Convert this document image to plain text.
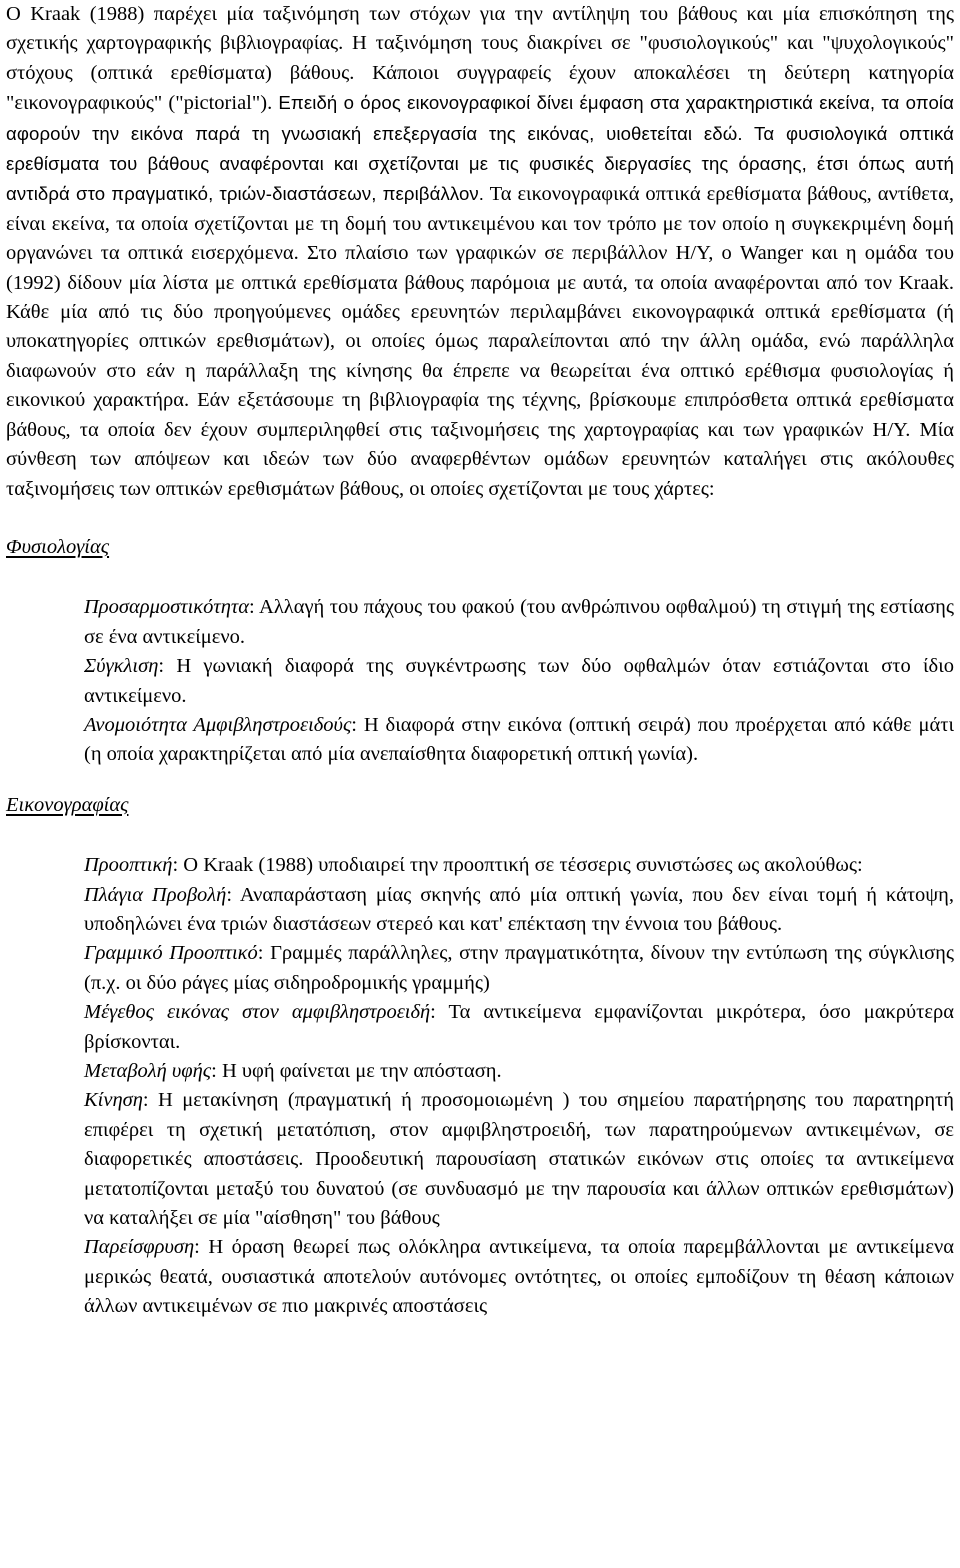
Ο Kraak (1988) παρέχει μία ταξινόμηση των στόχων για την αντίληψη του βάθους και μία επισκόπηση της σχετικής χαρτογραφικής βιβλιογραφίας. Η ταξινόμηση τους διακρίνει σε "φυσιολογικούς" και "ψυχολογικούς" στόχους (οπτικά ερεθίσματα) βάθους. Κάποιοι συγγραφείς έχουν αποκαλέσει τη δεύτερη κατηγορία "εικονογραφικούς" ("pictorial"). Επειδή ο όρος εικονογραφικοί δίνει έμφαση στα χαρακτηριστικά εκείνα, τα οποία αφορούν την εικόνα παρά τη γνωσιακή επεξεργασία της εικόνας, υιοθετείται εδώ. Τα φυσιολογικά οπτικά ερεθίσματα του βάθους αναφέρονται και σχετίζονται με τις φυσικές διεργασίες της όρασης, έτσι όπως αυτή αντιδρά στο πραγματικό, τριών-διαστάσεων, περιβάλλον. Τα εικονογραφικά οπτικά ερεθίσματα βάθους, αντίθετα, είναι εκείνα, τα οποία σχετίζονται με τη δομή του αντικειμένου και τον τρόπο με τον οποίο η συγκεκριμένη δομή οργανώνει τα οπτικά εισερχόμενα. Στο πλαίσιο των γραφικών σε περιβάλλον Η/Υ, ο Wanger και η ομάδα του (1992) δίδουν μία λίστα με οπτικά ερεθίσματα βάθους παρόμοια με αυτά, τα οποία αναφέρονται από τον Kraak. Κάθε μία από τις δύο προηγούμενες ομάδες ερευνητών περιλαμβάνει εικονογραφικά οπτικά ερεθίσματα (ή υποκατηγορίες οπτικών ερεθισμάτων), οι οποίες όμως παραλείπονται από την άλλη ομάδα, ενώ παράλληλα διαφωνούν στο εάν η παράλλαξη της κίνησης θα έπρεπε να θεωρείται ένα οπτικό ερέθισμα φυσιολογίας ή εικονικού χαρακτήρα. Εάν εξετάσουμε τη βιβλιογραφία της τέχνης, βρίσκουμε επιπρόσθετα οπτικά ερεθίσματα βάθους, τα οποία δεν έχουν συμπεριληφθεί στις ταξινομήσεις της χαρτογραφίας και των γραφικών Η/Υ. Μία σύνθεση των απόψεων και ιδεών των δύο αναφερθέντων ομάδων ερευνητών καταλήγει στις ακόλουθες ταξινομήσεις των οπτικών ερεθισμάτων βάθους, οι οποίες σχετίζονται με τους χάρτες:

Φυσιολογίας

Προσαρμοστικότητα: Αλλαγή του πάχους του φακού (του ανθρώπινου οφθαλμού) τη στιγμή της εστίασης σε ένα αντικείμενο.
Σύγκλιση: Η γωνιακή διαφορά της συγκέντρωσης των δύο οφθαλμών όταν εστιάζονται στο ίδιο αντικείμενο.
Ανομοιότητα Αμφιβληστροειδούς: Η διαφορά στην εικόνα (οπτική σειρά) που προέρχεται από κάθε μάτι (η οποία χαρακτηρίζεται από μία ανεπαίσθητα διαφορετική οπτική γωνία).

Εικονογραφίας

Προοπτική: Ο Kraak (1988) υποδιαιρεί την προοπτική σε τέσσερις συνιστώσες ως ακολούθως:
Πλάγια Προβολή: Αναπαράσταση μίας σκηνής από μία οπτική γωνία, που δεν είναι τομή ή κάτοψη, υποδηλώνει ένα τριών διαστάσεων στερεό και κατ' επέκταση την έννοια του βάθους.
Γραμμικό Προοπτικό: Γραμμές παράλληλες, στην πραγματικότητα, δίνουν την εντύπωση της σύγκλισης (π.χ. οι δύο ράγες μίας σιδηροδρομικής γραμμής)
Μέγεθος εικόνας στον αμφιβληστροειδή: Τα αντικείμενα εμφανίζονται μικρότερα, όσο μακρύτερα βρίσκονται.
Μεταβολή υφής: Η υφή φαίνεται με την απόσταση.
Κίνηση: Η μετακίνηση (πραγματική ή προσομοιωμένη ) του σημείου παρατήρησης του παρατηρητή επιφέρει τη σχετική μετατόπιση, στον αμφιβληστροειδή, των παρατηρούμενων αντικειμένων, σε διαφορετικές αποστάσεις. Προοδευτική παρουσίαση στατικών εικόνων στις οποίες τα αντικείμενα μετατοπίζονται μεταξύ του δυνατού (σε συνδυασμό με την παρουσία και άλλων οπτικών ερεθισμάτων) να καταλήξει σε μία "αίσθηση" του βάθους
Παρείσφρυση: Η όραση θεωρεί πως ολόκληρα αντικείμενα, τα οποία παρεμβάλλονται με αντικείμενα μερικώς θεατά, ουσιαστικά αποτελούν αυτόνομες οντότητες, οι οποίες εμποδίζουν τη θέαση κάποιων άλλων αντικειμένων σε πιο μακρινές αποστάσεις
